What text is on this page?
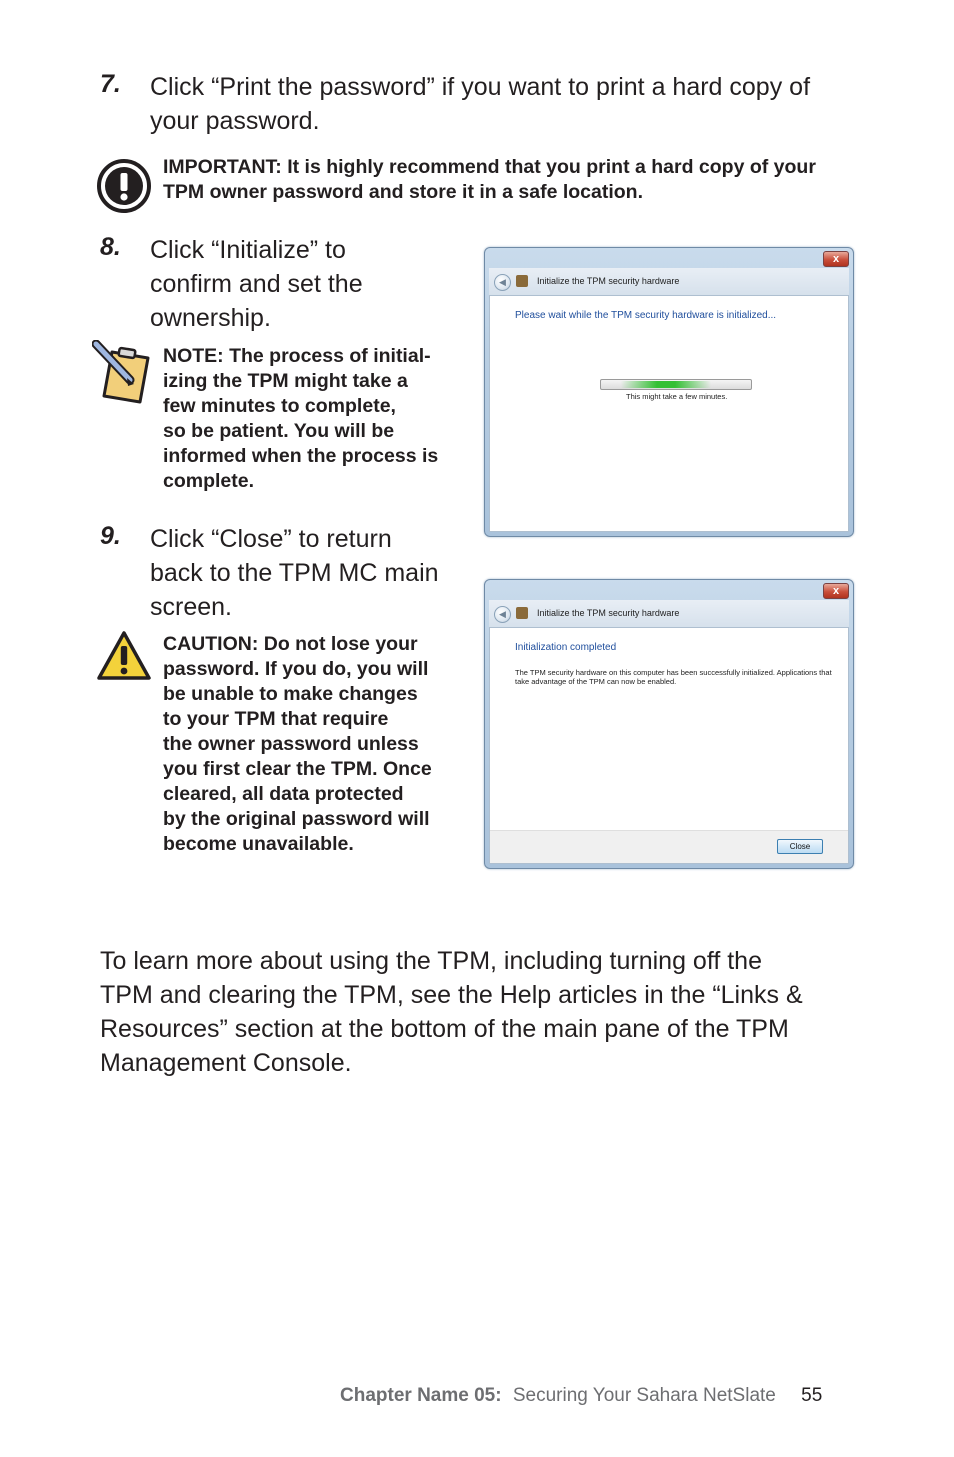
7. Click “Print the password” if you want to print a hard copy of
your password.
IMPORTANT: It is highly recommend that you print a hard copy of your
TPM owner password and store it in a safe location.
8. Click “Initialize” to
confirm and set the
ownership.
NOTE: The process of initial-
izing the TPM might take a
few minutes to complete,
so be patient. You will be
informed when the process is
complete.
9. Click “Close” to return
back to the TPM MC main
screen.
CAUTION: Do not lose your
password. If you do, you will
be unable to make changes
to your TPM that require
the owner password unless
you first clear the TPM. Once
cleared, all data protected
by the original password will
become unavailable.
x
◀	Initialize the TPM security hardware
Please wait while the TPM security hardware is initialized...
This might take a few minutes.
x
◀	Initialize the TPM security hardware
Initialization completed
The TPM security hardware on this computer has been successfully initialized. Applications that
take advantage of the TPM can now be enabled.
Close
To learn more about using the TPM, including turning off the
TPM and clearing the TPM, see the Help articles in the “Links &
Resources” section at the bottom of the main pane of the TPM
Management Console.
Chapter Name 05: Securing Your Sahara NetSlate 55
